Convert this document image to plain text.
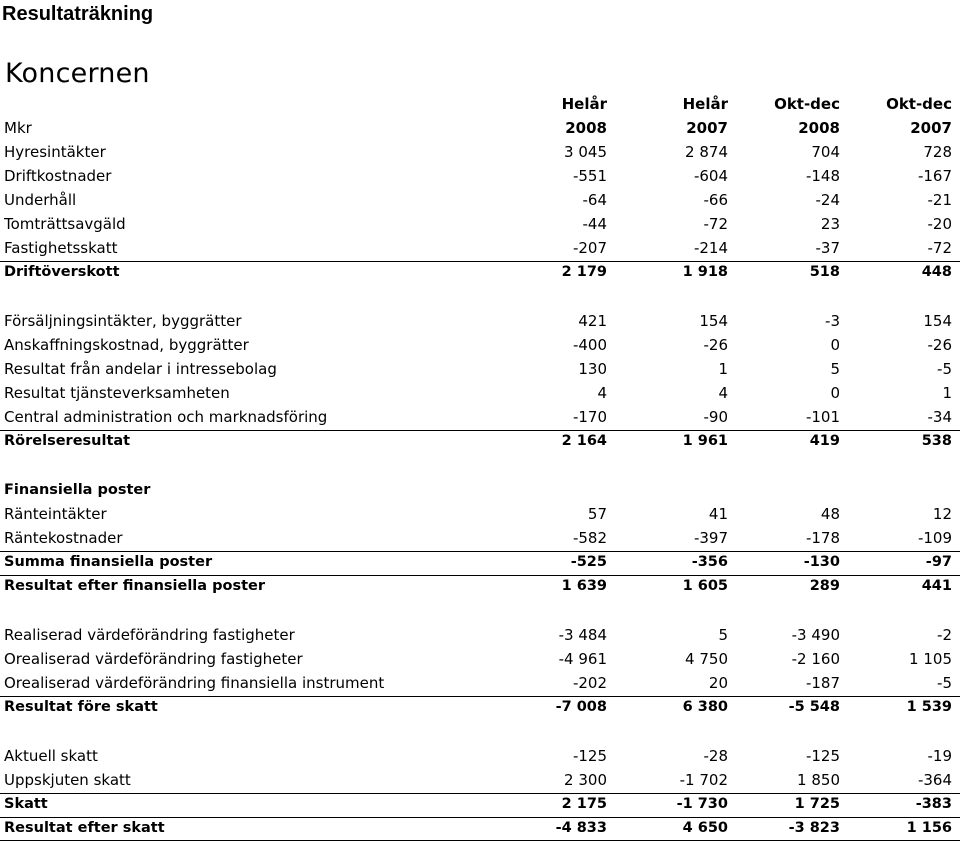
Resultaträkning
Koncernen
Helår	Helår	Okt-dec	Okt-dec
Mkr	2008	2007	2008	2007
Hyresintäkter	3 045	2 874	704	728
Driftkostnader	-551	-604	-148	-167
Underhåll	-64	-66	-24	-21
Tomträttsavgäld	-44	-72	23	-20
Fastighetsskatt	-207	-214	-37	-72
Driftöverskott	2 179	1 918	518	448
Försäljningsintäkter, byggrätter	421	154	-3	154
Anskaffningskostnad, byggrätter	-400	-26	0	-26
Resultat från andelar i intressebolag	130	1	5	-5
Resultat tjänsteverksamheten	4	4	0	1
Central administration och marknadsföring	-170	-90	-101	-34
Rörelseresultat	2 164	1 961	419	538
Finansiella poster
Ränteintäkter	57	41	48	12
Räntekostnader	-582	-397	-178	-109
Summa finansiella poster	-525	-356	-130	-97
Resultat efter finansiella poster	1 639	1 605	289	441
Realiserad värdeförändring fastigheter	-3 484	5	-3 490	-2
Orealiserad värdeförändring fastigheter	-4 961	4 750	-2 160	1 105
Orealiserad värdeförändring finansiella instrument	-202	20	-187	-5
Resultat före skatt	-7 008	6 380	-5 548	1 539
Aktuell skatt	-125	-28	-125	-19
Uppskjuten skatt	2 300	-1 702	1 850	-364
Skatt	2 175	-1 730	1 725	-383
Resultat efter skatt	-4 833	4 650	-3 823	1 156
